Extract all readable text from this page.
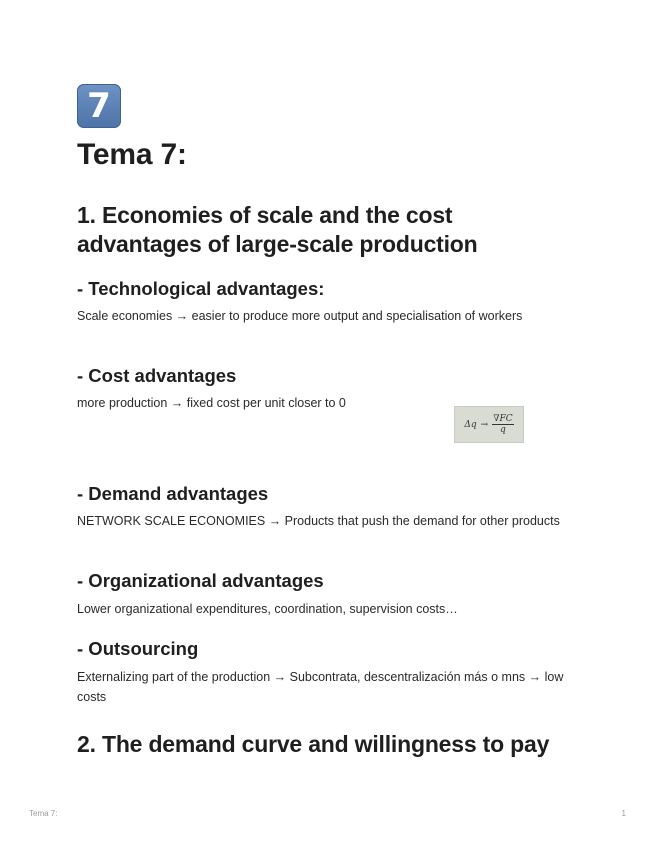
7
Tema 7:
1. Economies of scale and the cost advantages of large-scale production
- Technological advantages:

Scale economies → easier to produce more output and specialisation of workers

- Cost advantages

more production → fixed cost per unit closer to 0

$\Delta q \to \frac{\nabla FC}{q}$
- Demand advantages

NETWORK SCALE ECONOMIES → Products that push the demand for other products

- Organizational advantages

Lower organizational expenditures, coordination, supervision costs…

- Outsourcing

Externalizing part of the production → Subcontrata, descentralización más o mns → low costs

2. The demand curve and willingness to pay
Tema 7:	1
